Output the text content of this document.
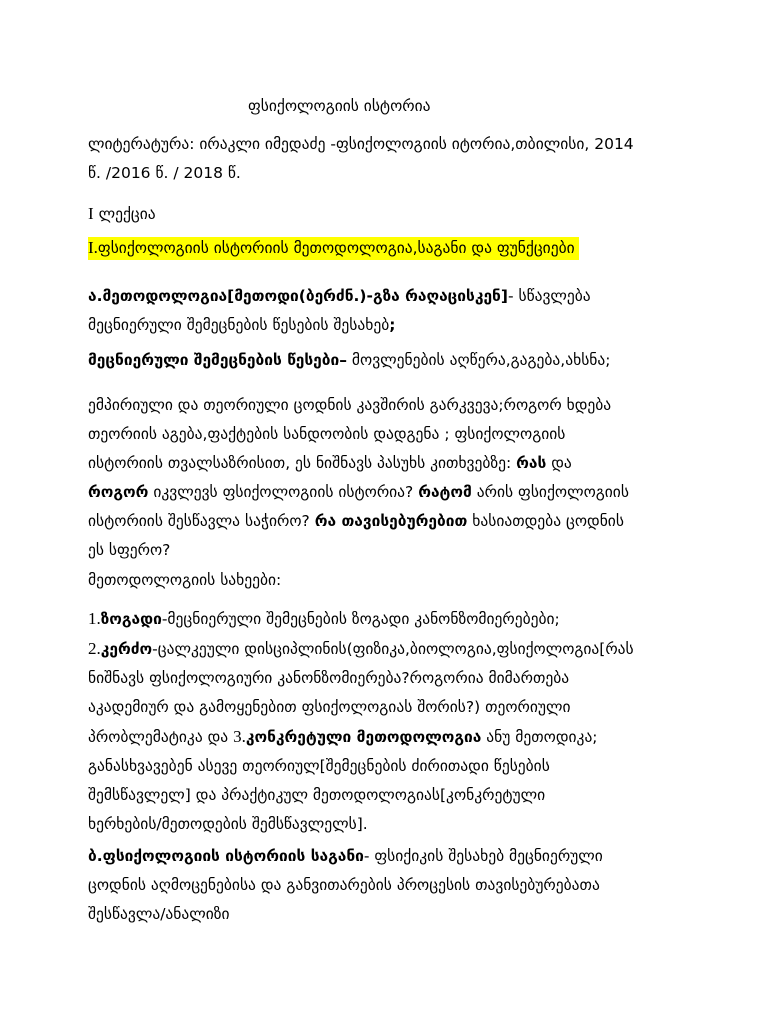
ფსიქოლოგიის ისტორია
ლიტერატურა: ირაკლი იმედაძე -ფსიქოლოგიის იტორია,თბილისი, 2014
წ. /2016 წ. / 2018 წ.
I ლექცია
I.ფსიქოლოგიის ისტორიის მეთოდოლოგია,საგანი და ფუნქციები
ა.მეთოდოლოგია[მეთოდი(ბერძნ.)-გზა რაღაცისკენ]- სწავლება
მეცნიერული შემეცნების წესების შესახებ;
მეცნიერული შემეცნების წესები– მოვლენების აღწერა,გაგება,ახსნა;
ემპირიული და თეორიული ცოდნის კავშირის გარკვევა;როგორ ხდება
თეორიის აგება,ფაქტების სანდოობის დადგენა ; ფსიქოლოგიის
ისტორიის თვალსაზრისით, ეს ნიშნავს პასუხს კითხვებზე: რას და
როგორ იკვლევს ფსიქოლოგიის ისტორია? რატომ არის ფსიქოლოგიის
ისტორიის შესწავლა საჭირო? რა თავისებურებით ხასიათდება ცოდნის
ეს სფერო?
მეთოდოლოგიის სახეები:
1.ზოგადი-მეცნიერული შემეცნების ზოგადი კანონზომიერებები;
2.კერძო-ცალკეული დისციპლინის(ფიზიკა,ბიოლოგია,ფსიქოლოგია[რას
ნიშნავს ფსიქოლოგიური კანონზომიერება?როგორია მიმართება
აკადემიურ და გამოყენებით ფსიქოლოგიას შორის?) თეორიული
პრობლემატიკა და 3.კონკრეტული მეთოდოლოგია ანუ მეთოდიკა;
განასხვავებენ ასევე თეორიულ[შემეცნების ძირითადი წესების
შემსწავლელ] და პრაქტიკულ მეთოდოლოგიას[კონკრეტული
ხერხების/მეთოდების შემსწავლელს].
ბ.ფსიქოლოგიის ისტორიის საგანი- ფსიქიკის შესახებ მეცნიერული
ცოდნის აღმოცენებისა და განვითარების პროცესის თავისებურებათა
შესწავლა/ანალიზი
